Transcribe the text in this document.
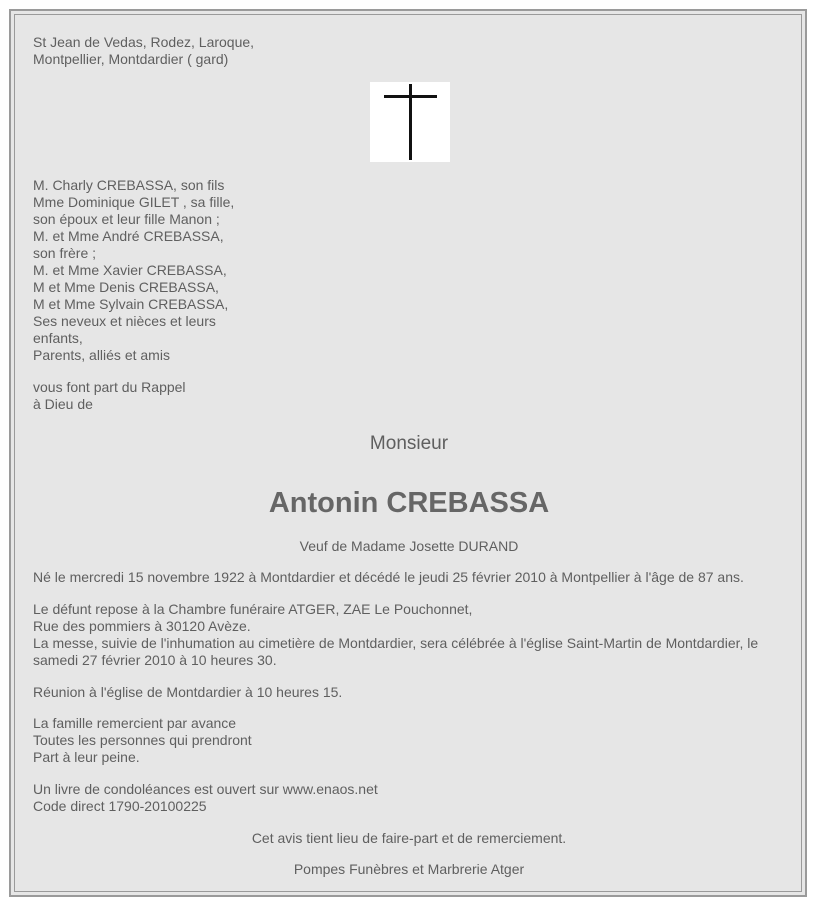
St Jean de Vedas, Rodez, Laroque,
Montpellier, Montdardier ( gard)
M. Charly CREBASSA, son fils
Mme Dominique GILET , sa fille,
son époux et leur fille Manon ;
M. et Mme André CREBASSA,
son frère ;
M. et Mme Xavier CREBASSA,
M et Mme Denis CREBASSA,
M et Mme Sylvain CREBASSA,
Ses neveux et nièces et leurs
enfants,
Parents, alliés et amis
vous font part du Rappel
à Dieu de
Monsieur
Antonin CREBASSA
Veuf de Madame Josette DURAND
Né le mercredi 15 novembre 1922 à Montdardier et décédé le jeudi 25 février 2010 à Montpellier à l'âge de 87 ans.
Le défunt repose à la Chambre funéraire ATGER, ZAE Le Pouchonnet,
Rue des pommiers à 30120 Avèze.
La messe, suivie de l'inhumation au cimetière de Montdardier, sera célébrée à l'église Saint-Martin de Montdardier, le samedi 27 février 2010 à 10 heures 30.
Réunion à l'église de Montdardier à 10 heures 15.
La famille remercient par avance
Toutes les personnes qui prendront
Part à leur peine.
Un livre de condoléances est ouvert sur www.enaos.net
Code direct 1790-20100225
Cet avis tient lieu de faire-part et de remerciement.
Pompes Funèbres et Marbrerie Atger
